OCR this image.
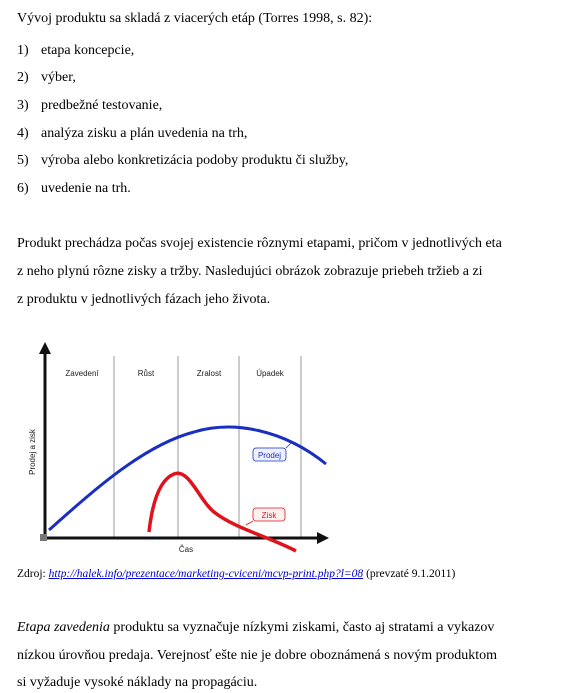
Vývoj produktu sa skladá z viacerých etáp (Torres 1998, s. 82):
1) etapa koncepcie,
2) výber,
3) predbežné testovanie,
4) analýza zisku a plán uvedenia na trh,
5) výroba alebo konkretizácia podoby produktu či služby,
6) uvedenie na trh.
Produkt prechádza počas svojej existencie rôznymi etapami, pričom v jednotlivých eta
z neho plynú rôzne zisky a tržby. Nasledujúci obrázok zobrazuje priebeh tržieb a zi
z produktu v jednotlivých fázach jeho života.
Zavedení	Růst	Zralost	Úpadek
Prodej a zisk
Čas
Prodej
Zisk
Zdroj: http://halek.info/prezentace/marketing-cviceni/mcvp-print.php?l=08 (prevzaté 9.1.2011)
Etapa zavedenia produktu sa vyznačuje nízkymi ziskami, často aj stratami a vykazov
nízkou úrovňou predaja. Verejnosť ešte nie je dobre oboznámená s novým produktom
si vyžaduje vysoké náklady na propagáciu.
